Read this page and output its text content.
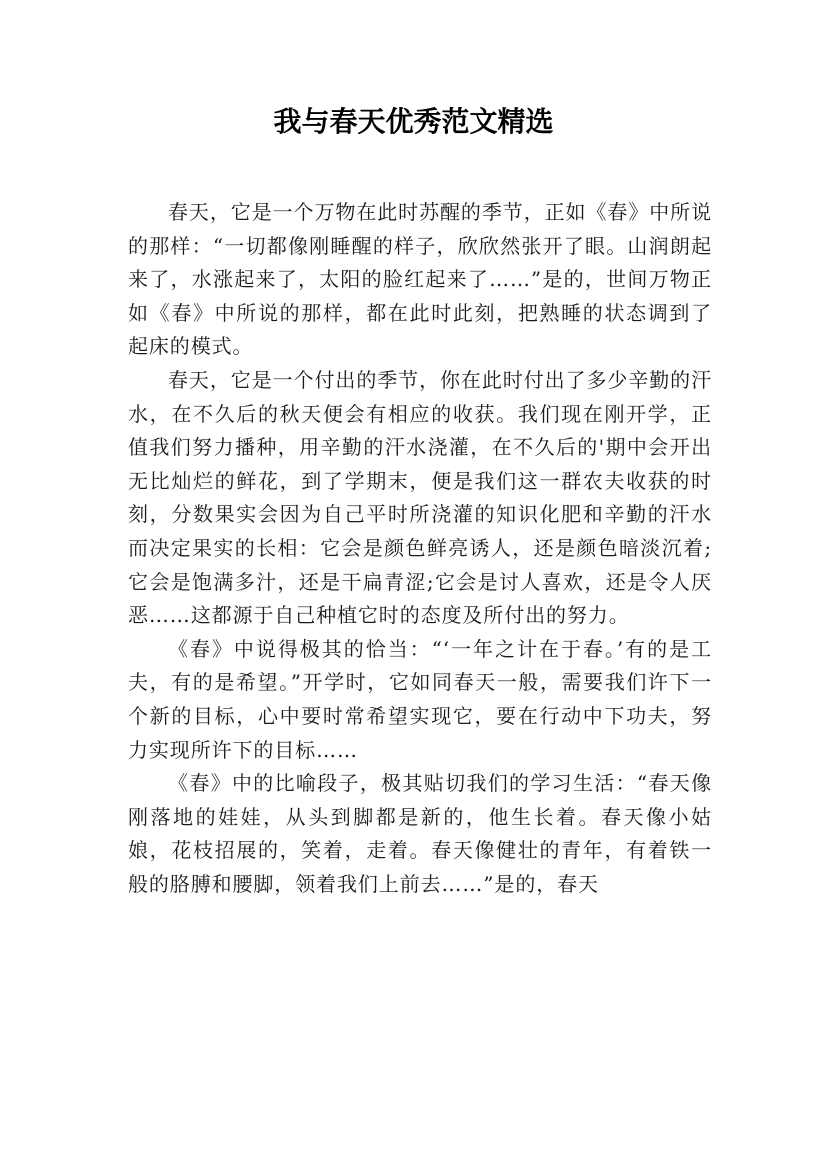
我与春天优秀范文精选

春天，它是一个万物在此时苏醒的季节，正如《春》中所说的那样：“一切都像刚睡醒的样子，欣欣然张开了眼。山润朗起来了，水涨起来了，太阳的脸红起来了……”是的，世间万物正如《春》中所说的那样，都在此时此刻，把熟睡的状态调到了起床的模式。

春天，它是一个付出的季节，你在此时付出了多少辛勤的汗水，在不久后的秋天便会有相应的收获。我们现在刚开学，正值我们努力播种，用辛勤的汗水浇灌，在不久后的'期中会开出无比灿烂的鲜花，到了学期末，便是我们这一群农夫收获的时刻，分数果实会因为自己平时所浇灌的知识化肥和辛勤的汗水而决定果实的长相：它会是颜色鲜亮诱人，还是颜色暗淡沉着;它会是饱满多汁，还是干扁青涩;它会是讨人喜欢，还是令人厌恶……这都源于自己种植它时的态度及所付出的努力。

《春》中说得极其的恰当：“‘一年之计在于春。’有的是工夫，有的是希望。”开学时，它如同春天一般，需要我们许下一个新的目标，心中要时常希望实现它，要在行动中下功夫，努力实现所许下的目标……

《春》中的比喻段子，极其贴切我们的学习生活：“春天像刚落地的娃娃，从头到脚都是新的，他生长着。春天像小姑娘，花枝招展的，笑着，走着。春天像健壮的青年，有着铁一般的胳膊和腰脚，领着我们上前去……”是的，春天
